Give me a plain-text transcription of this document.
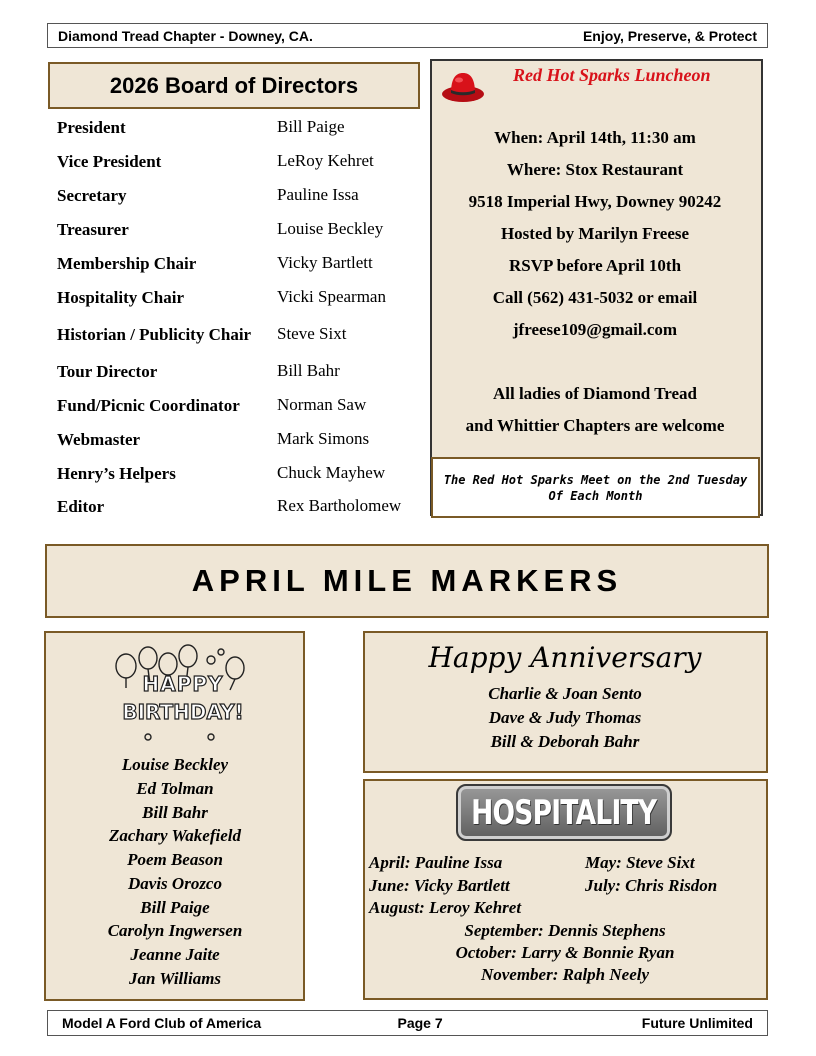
Diamond Tread Chapter - Downey, CA.	Enjoy, Preserve, & Protect
2026 Board of Directors
President	Bill Paige
Vice President	LeRoy Kehret
Secretary	Pauline Issa
Treasurer	Louise Beckley
Membership Chair	Vicky Bartlett
Hospitality Chair	Vicki Spearman
Historian / Publicity Chair	Steve Sixt
Tour Director	Bill Bahr
Fund/Picnic Coordinator	Norman Saw
Webmaster	Mark Simons
Henry’s Helpers	Chuck Mayhew
Editor	Rex Bartholomew
Red Hot Sparks Luncheon
When: April 14th, 11:30 am
Where: Stox Restaurant
9518 Imperial Hwy, Downey 90242
Hosted by Marilyn Freese
RSVP before April 10th
Call (562) 431-5032 or email
jfreese109@gmail.com
All ladies of Diamond Tread
and Whittier Chapters are welcome
The Red Hot Sparks Meet on the 2nd Tuesday Of Each Month
APRIL MILE MARKERS
HAPPY
BIRTHDAY!
Louise Beckley
Ed Tolman
Bill Bahr
Zachary Wakefield
Poem Beason
Davis Orozco
Bill Paige
Carolyn Ingwersen
Jeanne Jaite
Jan Williams
Happy Anniversary
Charlie & Joan Sento
Dave & Judy Thomas
Bill & Deborah Bahr
HOSPITALITY
April: Pauline Issa	May: Steve Sixt
June: Vicky Bartlett	July: Chris Risdon
August: Leroy Kehret
September: Dennis Stephens
October: Larry & Bonnie Ryan
November: Ralph Neely
Model A Ford Club of America	Page 7	Future Unlimited
